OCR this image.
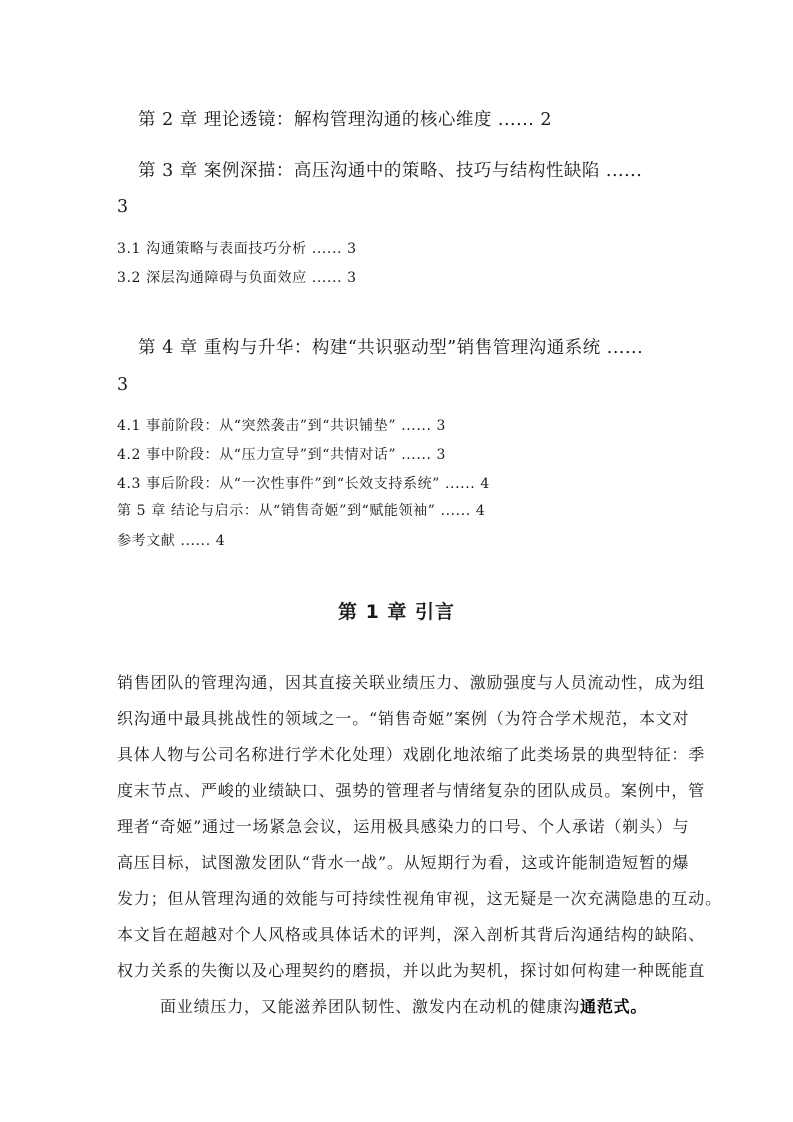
第 2 章 理论透镜：解构管理沟通的核心维度 ...... 2
第 3 章 案例深描：高压沟通中的策略、技巧与结构性缺陷 ......
3
3.1 沟通策略与表面技巧分析 ...... 3
3.2 深层沟通障碍与负面效应 ...... 3
第 4 章 重构与升华：构建“共识驱动型”销售管理沟通系统 ......
3
4.1 事前阶段：从“突然袭击”到“共识铺垫” ...... 3
4.2 事中阶段：从“压力宣导”到“共情对话” ...... 3
4.3 事后阶段：从“一次性事件”到“长效支持系统” ...... 4
第 5 章 结论与启示：从“销售奇姬”到“赋能领袖” ...... 4
参考文献 ...... 4
第 1 章 引言
销售团队的管理沟通，因其直接关联业绩压力、激励强度与人员流动性，成为组
织沟通中最具挑战性的领域之一。“销售奇姬”案例（为符合学术规范，本文对
具体人物与公司名称进行学术化处理）戏剧化地浓缩了此类场景的典型特征：季
度末节点、严峻的业绩缺口、强势的管理者与情绪复杂的团队成员。案例中，管
理者“奇姬”通过一场紧急会议，运用极具感染力的口号、个人承诺（剃头）与
高压目标，试图激发团队“背水一战”。从短期行为看，这或许能制造短暂的爆
发力；但从管理沟通的效能与可持续性视角审视，这无疑是一次充满隐患的互动。
本文旨在超越对个人风格或具体话术的评判，深入剖析其背后沟通结构的缺陷、
权力关系的失衡以及心理契约的磨损，并以此为契机，探讨如何构建一种既能直
面业绩压力，又能滋养团队韧性、激发内在动机的健康沟通范式。
